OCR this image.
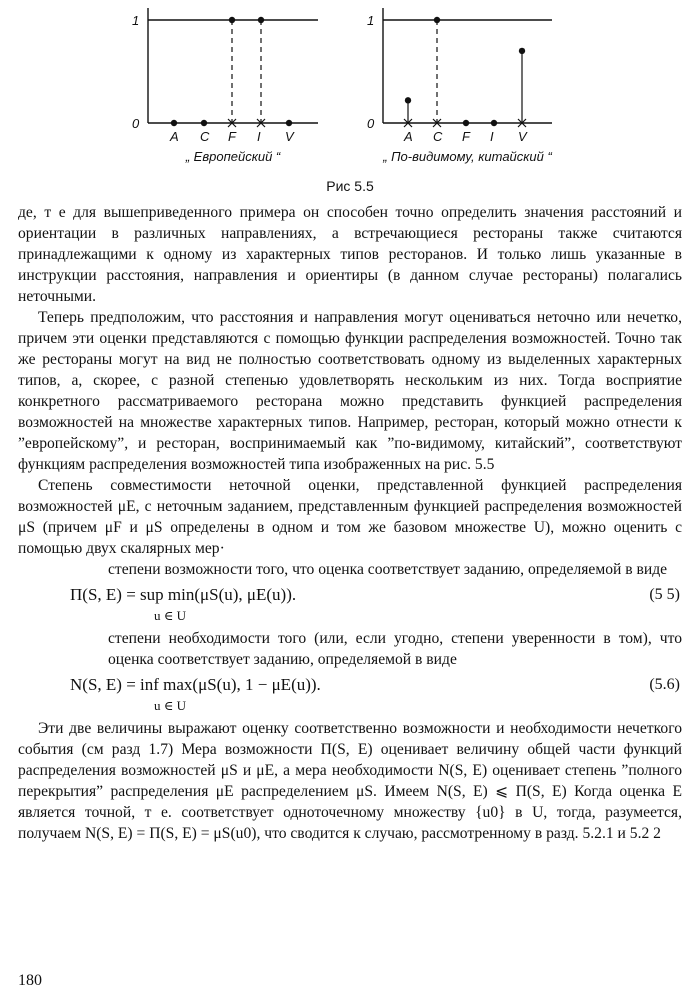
1
0
A C F I V
„ Европейский “
1
0
A C F I V
„ По-видимому, китайский “
Рис 5.5

де, т е для вышеприведенного примера он способен точно определить значения расстояний и ориентации в различных направлениях, а встречающиеся рестораны также считаются принадлежащими к одному из характерных типов ресторанов. И только лишь указанные в инструкции расстояния, направления и ориентиры (в данном случае рестораны) полагались неточными.

Теперь предположим, что расстояния и направления могут оцениваться неточно или нечетко, причем эти оценки представляются с помощью функции распределения возможностей. Точно так же рестораны могут на вид не полностью соответствовать одному из выделенных характерных типов, а, скорее, с разной степенью удовлетворять нескольким из них. Тогда восприятие конкретного рассматриваемого ресторана можно представить функцией распределения возможностей на множестве характерных типов. Например, ресторан, который можно отнести к ”европейскому”, и ресторан, воспринимаемый как ”по-видимому, китайский”, соответствуют функциям распределения возможностей типа изображенных на рис. 5.5

Степень совместимости неточной оценки, представленной функцией распределения возможностей μE, с неточным заданием, представленным функцией распределения возможностей μS (причем μF и μS определены в одном и том же базовом множестве U), можно оценить с помощью двух скалярных мер·

степени возможности того, что оценка соответствует заданию, определяемой в виде

Π(S, E) = sup min(μS(u), μE(u)).
u ∈ U
(5 5)

степени необходимости того (или, если угодно, степени уверенности в том), что оценка соответствует заданию, определяемой в виде

N(S, E) = inf max(μS(u), 1 − μE(u)).
u ∈ U
(5.6)

Эти две величины выражают оценку соответственно возможности и необходимости нечеткого события (см разд 1.7) Мера возможности Π(S, E) оценивает величину общей части функций распределения возможностей μS и μE, а мера необходимости N(S, E) оценивает степень ”полного перекрытия” распределения μE распределением μS. Имеем N(S, E) ⩽ Π(S, E) Когда оценка E является точной, т е. соответствует одноточечному множеству {u0} в U, тогда, разумеется, получаем N(S, E) = Π(S, E) = μS(u0), что сводится к случаю, рассмотренному в разд. 5.2.1 и 5.2 2

180
